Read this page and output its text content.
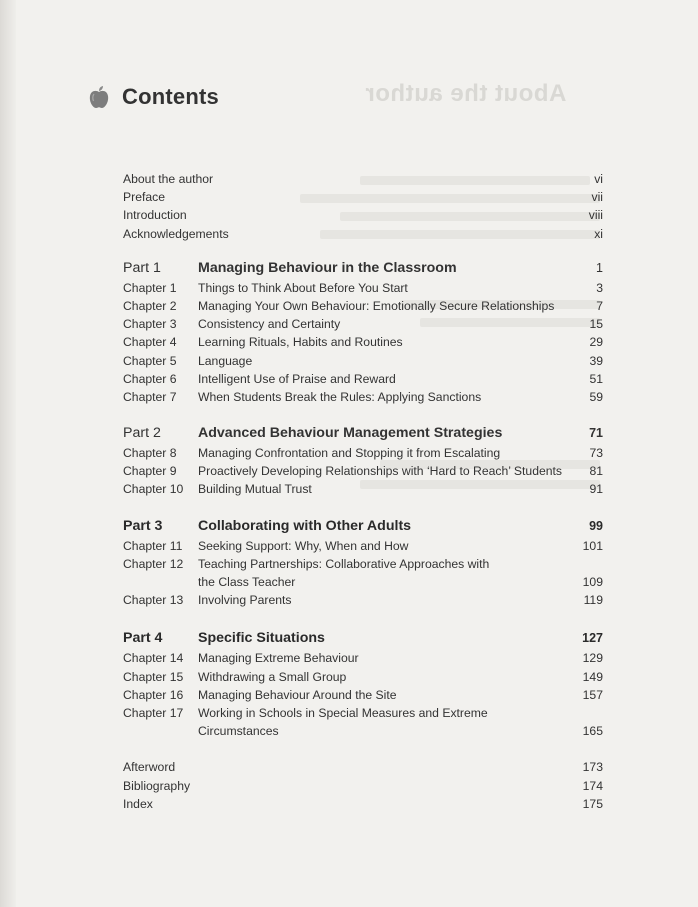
About the author
Contents
About the author	vi
Preface	vii
Introduction	viii
Acknowledgements	xi
Part 1	Managing Behaviour in the Classroom	1
Chapter 1 Things to Think About Before You Start	3
Chapter 2 Managing Your Own Behaviour: Emotionally Secure Relationships	7
Chapter 3 Consistency and Certainty	15
Chapter 4 Learning Rituals, Habits and Routines	29
Chapter 5 Language	39
Chapter 6 Intelligent Use of Praise and Reward	51
Chapter 7 When Students Break the Rules: Applying Sanctions	59
Part 2	Advanced Behaviour Management Strategies	71
Chapter 8 Managing Confrontation and Stopping it from Escalating	73
Chapter 9 Proactively Developing Relationships with ‘Hard to Reach’ Students 81
Chapter 10 Building Mutual Trust	91
Part 3	Collaborating with Other Adults	99
Chapter 11 Seeking Support: Why, When and How	101
Chapter 12 Teaching Partnerships: Collaborative Approaches with
the Class Teacher	109
Chapter 13 Involving Parents	119
Part 4	Specific Situations	127
Chapter 14 Managing Extreme Behaviour	129
Chapter 15 Withdrawing a Small Group	149
Chapter 16 Managing Behaviour Around the Site	157
Chapter 17 Working in Schools in Special Measures and Extreme
Circumstances	165
Afterword	173
Bibliography	174
Index	175
